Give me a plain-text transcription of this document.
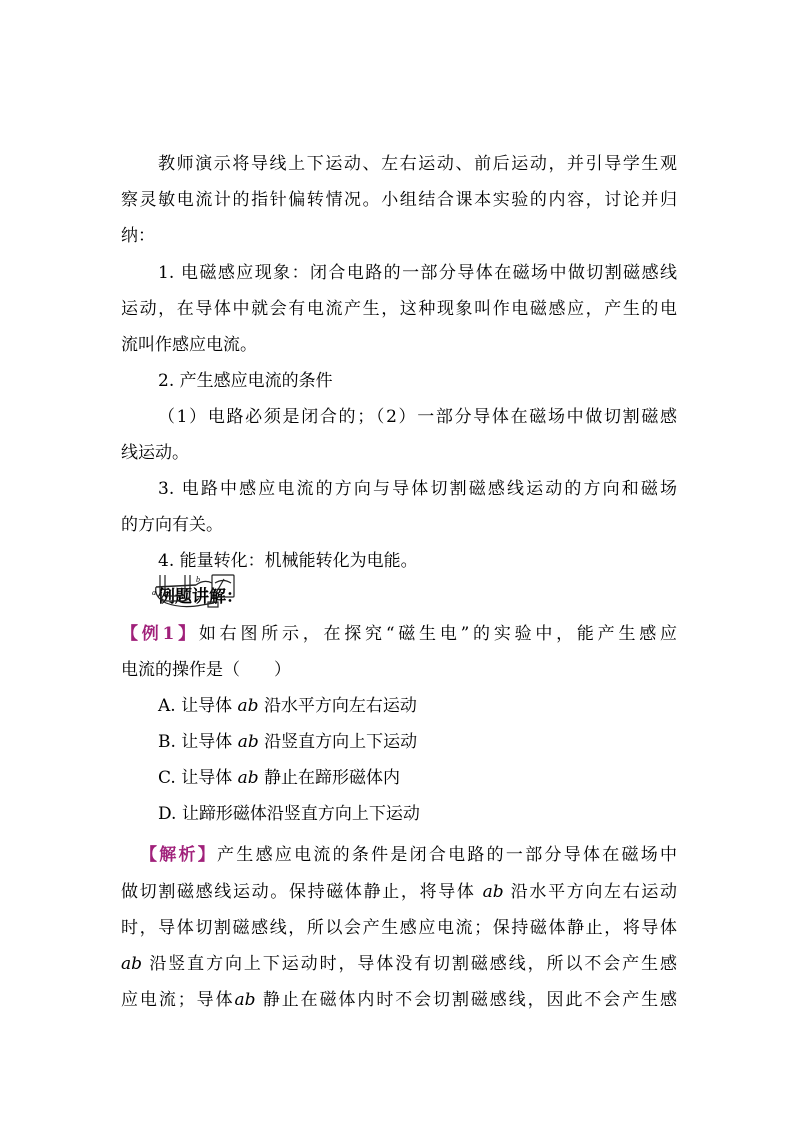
教师演示将导线上下运动、左右运动、前后运动，并引导学生观
察灵敏电流计的指针偏转情况。小组结合课本实验的内容，讨论并归
纳：
1. 电磁感应现象：闭合电路的一部分导体在磁场中做切割磁感线
运动，在导体中就会有电流产生，这种现象叫作电磁感应，产生的电
流叫作感应电流。
2. 产生感应电流的条件
（1）电路必须是闭合的；（2）一部分导体在磁场中做切割磁感
线运动。
3. 电路中感应电流的方向与导体切割磁感线运动的方向和磁场
的方向有关。
4. 能量转化：机械能转化为电能。
例题讲解：
a
b
【例1】如右图所示，在探究“磁生电”的实验中，能产生感应
电流的操作是（　　）
A. 让导体 ab 沿水平方向左右运动
B. 让导体 ab 沿竖直方向上下运动
C. 让导体 ab 静止在蹄形磁体内
D. 让蹄形磁体沿竖直方向上下运动
【解析】产生感应电流的条件是闭合电路的一部分导体在磁场中
做切割磁感线运动。保持磁体静止，将导体 ab 沿水平方向左右运动
时，导体切割磁感线，所以会产生感应电流；保持磁体静止，将导体
ab 沿竖直方向上下运动时，导体没有切割磁感线，所以不会产生感
应电流；导体ab 静止在磁体内时不会切割磁感线，因此不会产生感
